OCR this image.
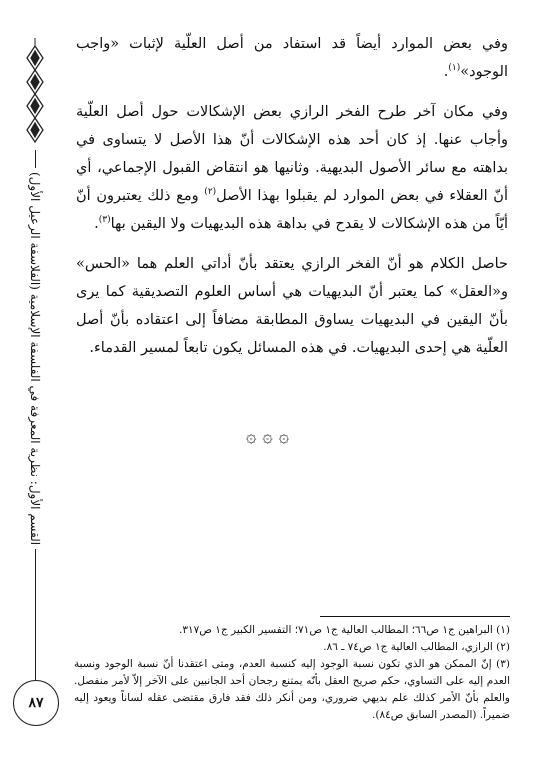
وفي بعض الموارد أيضاً قد استفاد من أصل العلّية لإثبات «واجب الوجود»$^{(١)}$.

وفي مكان آخر طرح الفخر الرازي بعض الإشكالات حول أصل العلّية وأجاب عنها. إذ كان أحد هذه الإشكالات أنّ هذا الأصل لا يتساوى في بداهته مع سائر الأصول البديهية. وثانيها هو انتقاض القبول الإجماعي، أي أنّ العقلاء في بعض الموارد لم يقبلوا بهذا الأصل$^{(٢)}$ ومع ذلك يعتبرون أنّ أيّاً من هذه الإشكالات لا يقدح في بداهة هذه البديهيات ولا اليقين بها$^{(٣)}$.

حاصل الكلام هو أنّ الفخر الرازي يعتقد بأنّ أداتي العلم هما «الحس» و«العقل» كما يعتبر أنّ البديهيات هي أساس العلوم التصديقية كما يرى بأنّ اليقين في البديهيات يساوق المطابقة مضافاً إلى اعتقاده بأنّ أصل العلّية هي إحدى البديهيات. في هذه المسائل يكون تابعاً لمسير القدماء.

۞ ۞ ۞
(١) البراهين ج١ ص٦٦؛ المطالب العالية ج١ ص٧١؛ التفسير الكبير ج١ ص٣١٧.
(٢) الرازي، المطالب العالية ج١ ص٧٤ ـ ٨٦.
(٣) إنّ الممكن هو الذي تكون نسبة الوجود إليه كنسبة العدم، ومتى اعتقدنا أنّ نسبة الوجود ونسبة العدم إليه على التساوي، حكم صريح العقل بأنّه يمتنع رجحان أحد الجانبين على الآخر إلاّ لأمر منفصل. والعلم بأنّ الأمر كذلك علم بديهي ضروري، ومن أنكر ذلك فقد فارق مقتضى عقله لساناً ويعود إليه ضميراً. (المصدر السابق ص٨٤).
القسم الأول: نظرية المعرفة في الفلسفة الإسلامية (الفلاسفة الرعيل الأول)
٨٧
